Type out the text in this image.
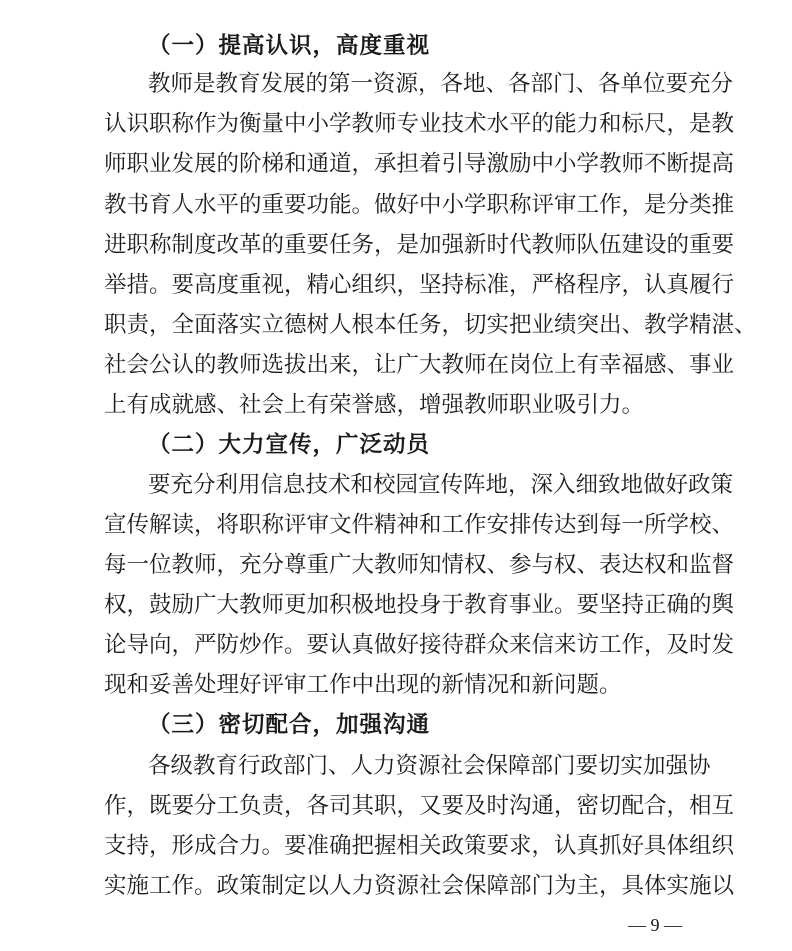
（一）提高认识，高度重视
教师是教育发展的第一资源，各地、各部门、各单位要充分
认识职称作为衡量中小学教师专业技术水平的能力和标尺，是教
师职业发展的阶梯和通道，承担着引导激励中小学教师不断提高
教书育人水平的重要功能。做好中小学职称评审工作，是分类推
进职称制度改革的重要任务，是加强新时代教师队伍建设的重要
举措。要高度重视，精心组织，坚持标准，严格程序，认真履行
职责，全面落实立德树人根本任务，切实把业绩突出、教学精湛、
社会公认的教师选拔出来，让广大教师在岗位上有幸福感、事业
上有成就感、社会上有荣誉感，增强教师职业吸引力。
（二）大力宣传，广泛动员
要充分利用信息技术和校园宣传阵地，深入细致地做好政策
宣传解读，将职称评审文件精神和工作安排传达到每一所学校、
每一位教师，充分尊重广大教师知情权、参与权、表达权和监督
权，鼓励广大教师更加积极地投身于教育事业。要坚持正确的舆
论导向，严防炒作。要认真做好接待群众来信来访工作，及时发
现和妥善处理好评审工作中出现的新情况和新问题。
（三）密切配合，加强沟通
各级教育行政部门、人力资源社会保障部门要切实加强协
作，既要分工负责，各司其职，又要及时沟通，密切配合，相互
支持，形成合力。要准确把握相关政策要求，认真抓好具体组织
实施工作。政策制定以人力资源社会保障部门为主，具体实施以
— 9 —
